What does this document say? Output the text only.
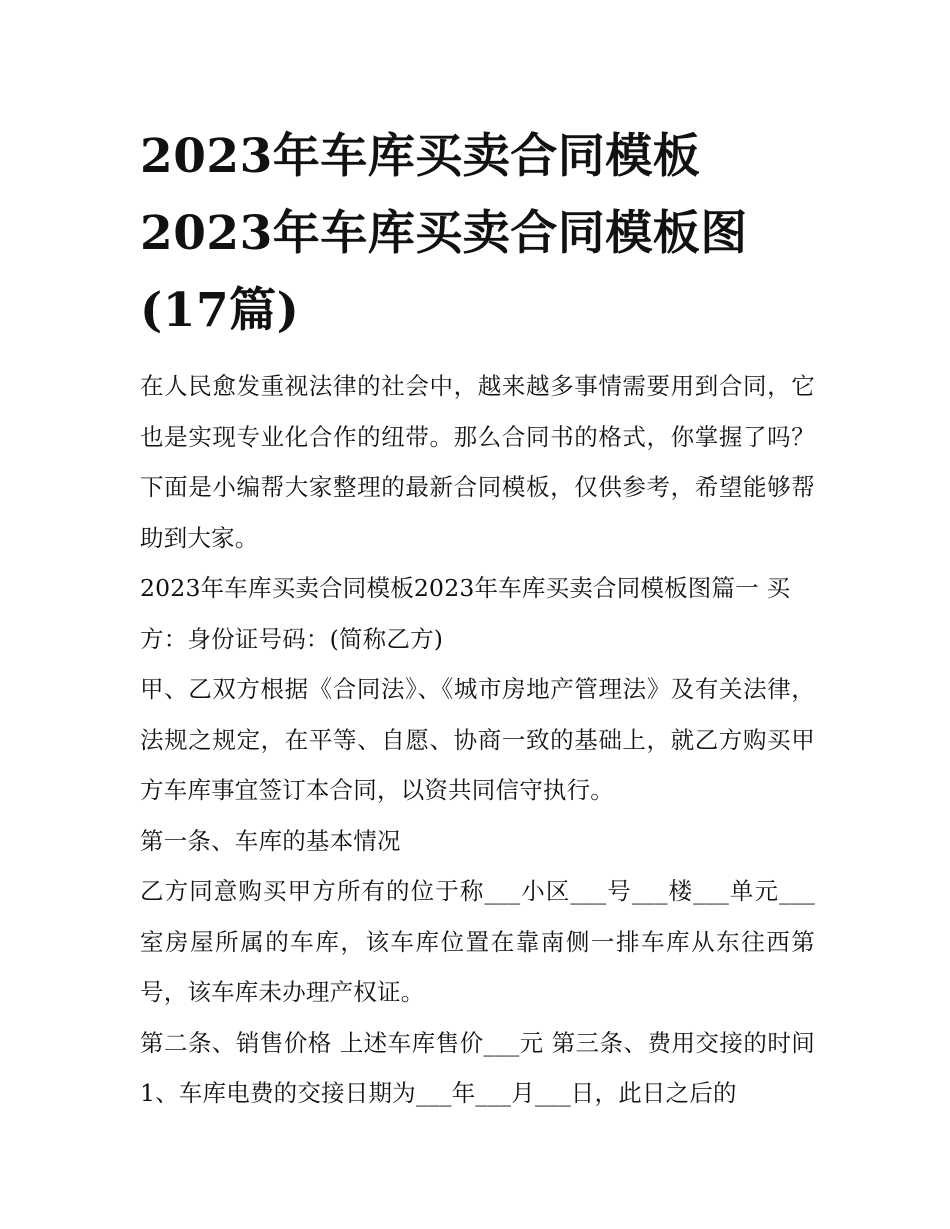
2023年车库买卖合同模板
2023年车库买卖合同模板图
(17篇)

在人民愈发重视法律的社会中，越来越多事情需要用到合同，它也是实现专业化合作的纽带。那么合同书的格式，你掌握了吗？下面是小编帮大家整理的最新合同模板，仅供参考，希望能够帮助到大家。

2023年车库买卖合同模板2023年车库买卖合同模板图篇一 买方：身份证号码：(简称乙方)

甲、乙双方根据《合同法》、《城市房地产管理法》及有关法律，法规之规定，在平等、自愿、协商一致的基础上，就乙方购买甲方车库事宜签订本合同，以资共同信守执行。

第一条、车库的基本情况

乙方同意购买甲方所有的位于称___小区___号___楼___单元___室房屋所属的车库，该车库位置在靠南侧一排车库从东往西第号，该车库未办理产权证。

第二条、销售价格 上述车库售价___元 第三条、费用交接的时间1、车库电费的交接日期为___年___月___日，此日之后的
